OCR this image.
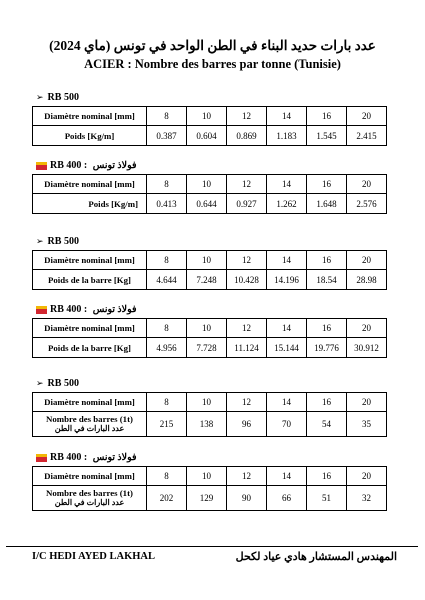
عدد بارات حديد البناء في الطن الواحد في تونس (ماي 2024)
ACIER : Nombre des barres par tonne (Tunisie)
➢ RB 500
Diamètre nominal [mm]	8	10	12	14	16	20
Poids [Kg/m]	0.387	0.604	0.869	1.183	1.545	2.415
RB 400 : فولاذ تونس
Diamètre nominal [mm]	8	10	12	14	16	20
Poids [Kg/m]	0.413	0.644	0.927	1.262	1.648	2.576
➢ RB 500
Diamètre nominal [mm]	8	10	12	14	16	20
Poids de la barre [Kg]	4.644	7.248	10.428	14.196	18.54	28.98
RB 400 : فولاذ تونس
Diamètre nominal [mm]	8	10	12	14	16	20
Poids de la barre [Kg]	4.956	7.728	11.124	15.144	19.776	30.912
➢ RB 500
Diamètre nominal [mm]	8	10	12	14	16	20

Nombre des barres (1t)
عدد البارات في الطن	215	138	96	70	54	35
RB 400 : فولاذ تونس
Diamètre nominal [mm]	8	10	12	14	16	20

Nombre des barres (1t)
عدد البارات في الطن	202	129	90	66	51	32
I/C HEDI AYED LAKHAL	المهندس المستشار هادي عياد لكحل
